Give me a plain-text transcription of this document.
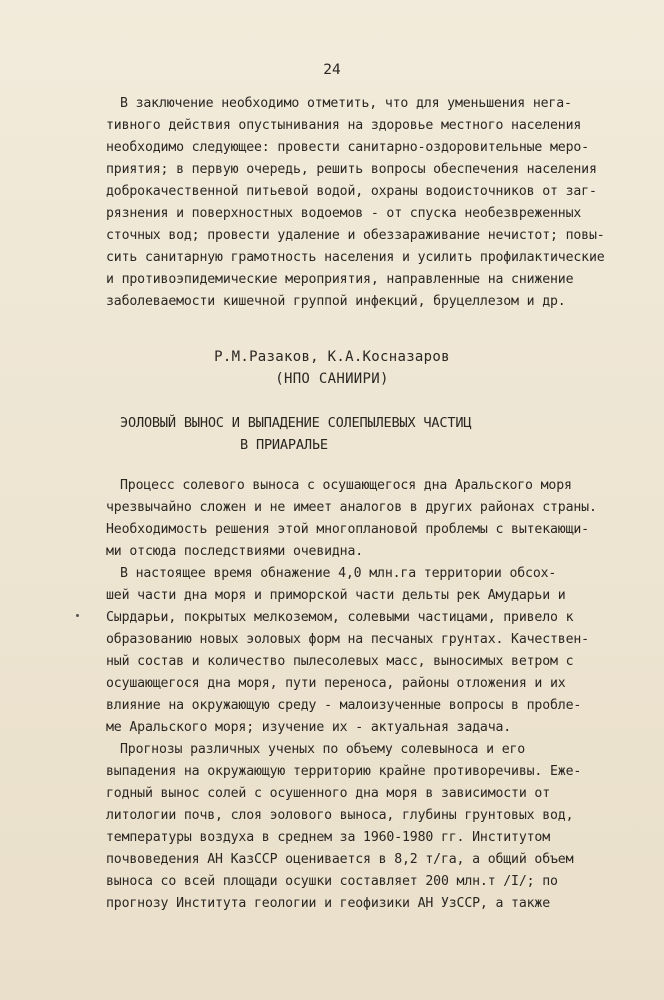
24
В заключение необходимо отметить, что для уменьшения нега-
тивного действия опустынивания на здоровье местного населения
необходимо следующее: провести санитарно-оздоровительные меро-
приятия; в первую очередь, решить вопросы обеспечения населения
доброкачественной питьевой водой, охраны водоисточников от заг-
рязнения и поверхностных водоемов - от спуска необезвреженных
сточных вод; провести удаление и обеззараживание нечистот; повы-
сить санитарную грамотность населения и усилить профилактические
и противоэпидемические мероприятия, направленные на снижение
заболеваемости кишечной группой инфекций, бруцеллезом и др.
Р.М.Разаков, К.А.Косназаров
(НПО САНИИРИ)
ЭОЛОВЫЙ ВЫНОС И ВЫПАДЕНИЕ СОЛЕПЫЛЕВЫХ ЧАСТИЦ
В ПРИАРАЛЬЕ
Процесс солевого выноса с осушающегося дна Аральского моря
чрезвычайно сложен и не имеет аналогов в других районах страны.
Необходимость решения этой многоплановой проблемы с вытекающи-
ми отсюда последствиями очевидна.
В настоящее время обнажение 4,0 млн.га территории обсох-
шей части дна моря и приморской части дельты рек Амударьи и
Сырдарьи, покрытых мелкоземом, солевыми частицами, привело к
образованию новых эоловых форм на песчаных грунтах. Качествен-
ный состав и количество пылесолевых масс, выносимых ветром с
осушающегося дна моря, пути переноса, районы отложения и их
влияние на окружающую среду - малоизученные вопросы в пробле-
ме Аральского моря; изучение их - актуальная задача.
Прогнозы различных ученых по объему солевыноса и его
выпадения на окружающую территорию крайне противоречивы. Еже-
годный вынос солей с осушенного дна моря в зависимости от
литологии почв, слоя эолового выноса, глубины грунтовых вод,
температуры воздуха в среднем за 1960-1980 гг. Институтом
почвоведения АН КазССР оценивается в 8,2 т/га, а общий объем
выноса со всей площади осушки составляет 200 млн.т /I/; по
прогнозу Института геологии и геофизики АН УзССР, а также
